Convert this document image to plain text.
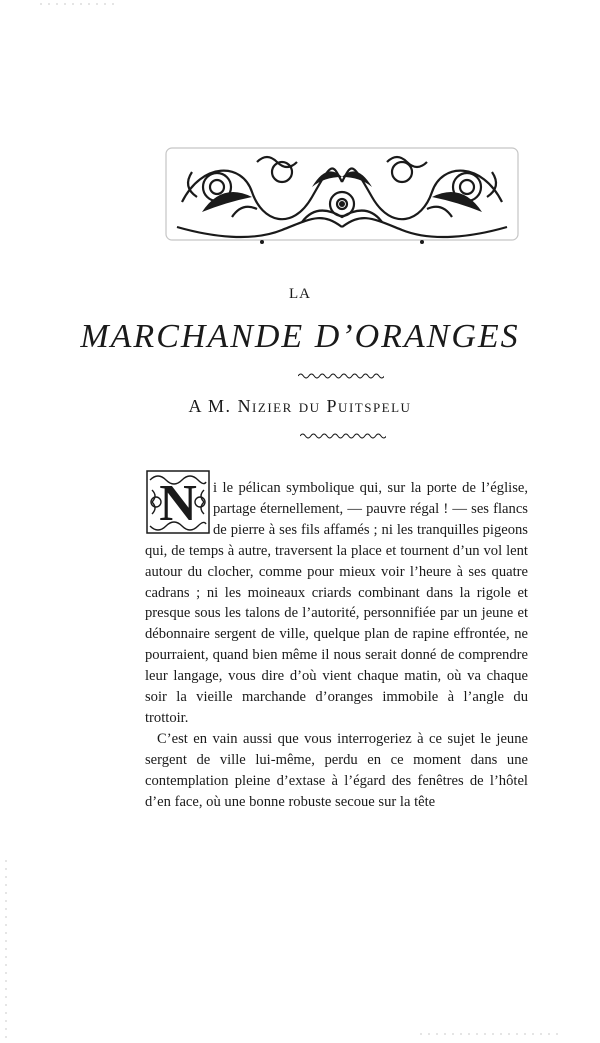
LA
MARCHANDE D’ORANGES
A M. Nizier du Puitspelu
N	i le pélican symbolique qui, sur la porte de l’église, partage éternellement, — pauvre régal ! — ses flancs de pierre à ses fils affamés ; ni les tranquilles pigeons qui, de temps à autre, traversent la place et tournent d’un vol lent autour du clocher, comme pour mieux voir l’heure à ses quatre cadrans ; ni les moineaux criards combinant dans la rigole et presque sous les talons de l’autorité, personnifiée par un jeune et débonnaire sergent de ville, quelque plan de rapine effrontée, ne pourraient, quand bien même il nous serait donné de comprendre leur langage, vous dire d’où vient chaque matin, où va chaque soir la vieille marchande d’oranges immobile à l’angle du trottoir.

C’est en vain aussi que vous interrogeriez à ce sujet le jeune sergent de ville lui-même, perdu en ce moment dans une contemplation pleine d’extase à l’égard des fenêtres de l’hôtel d’en face, où une bonne robuste secoue sur la tête
